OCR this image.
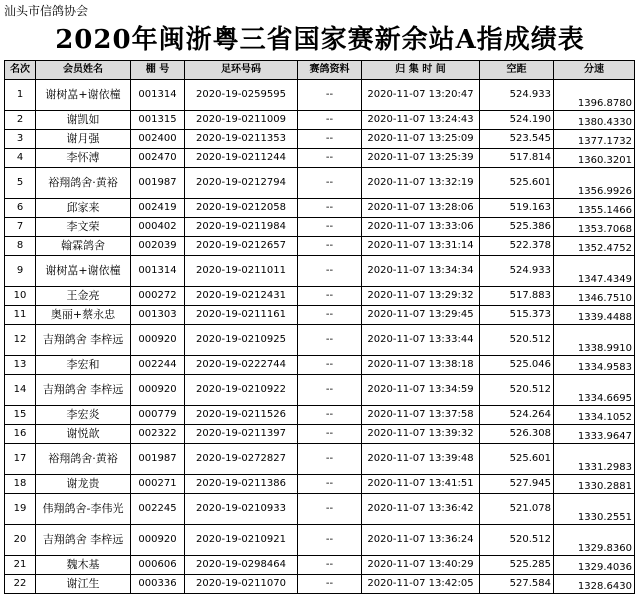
汕头市信鸽协会
2020年闽浙粤三省国家赛新余站A指成绩表
名次	会员姓名	棚 号	足环号码	赛鸽资料	归 集 时 间	空距	分速
1	谢树嵓+谢依橦	001314	2020-19-0259595	--	2020-11-07 13:20:47	524.933	1396.8780
2	谢凯如	001315	2020-19-0211009	--	2020-11-07 13:24:43	524.190	1380.4330
3	谢月强	002400	2020-19-0211353	--	2020-11-07 13:25:09	523.545	1377.1732
4	李怀溥	002470	2020-19-0211244	--	2020-11-07 13:25:39	517.814	1360.3201
5	裕翔鸽舍·黄裕	001987	2020-19-0212794	--	2020-11-07 13:32:19	525.601	1356.9926
6	邱家来	002419	2020-19-0212058	--	2020-11-07 13:28:06	519.163	1355.1466
7	李文荣	000402	2020-19-0211984	--	2020-11-07 13:33:06	525.386	1353.7068
8	翰霖鸽舍	002039	2020-19-0212657	--	2020-11-07 13:31:14	522.378	1352.4752
9	谢树嵓+谢依橦	001314	2020-19-0211011	--	2020-11-07 13:34:34	524.933	1347.4349
10	王金亮	000272	2020-19-0212431	--	2020-11-07 13:29:32	517.883	1346.7510
11	奥丽+蔡永忠	001303	2020-19-0211161	--	2020-11-07 13:29:45	515.373	1339.4488
12	吉翔鸽舍 李梓远	000920	2020-19-0210925	--	2020-11-07 13:33:44	520.512	1338.9910
13	李宏和	002244	2020-19-0222744	--	2020-11-07 13:38:18	525.046	1334.9583
14	吉翔鸽舍 李梓远	000920	2020-19-0210922	--	2020-11-07 13:34:59	520.512	1334.6695
15	李宏炎	000779	2020-19-0211526	--	2020-11-07 13:37:58	524.264	1334.1052
16	谢悦歆	002322	2020-19-0211397	--	2020-11-07 13:39:32	526.308	1333.9647
17	裕翔鸽舍·黄裕	001987	2020-19-0272827	--	2020-11-07 13:39:48	525.601	1331.2983
18	谢龙贵	000271	2020-19-0211386	--	2020-11-07 13:41:51	527.945	1330.2881
19	伟翔鸽舍-李伟光	002245	2020-19-0210933	--	2020-11-07 13:36:42	521.078	1330.2551
20	吉翔鸽舍 李梓远	000920	2020-19-0210921	--	2020-11-07 13:36:24	520.512	1329.8360
21	魏木基	000606	2020-19-0298464	--	2020-11-07 13:40:29	525.285	1329.4036
22	谢江生	000336	2020-19-0211070	--	2020-11-07 13:42:05	527.584	1328.6430
